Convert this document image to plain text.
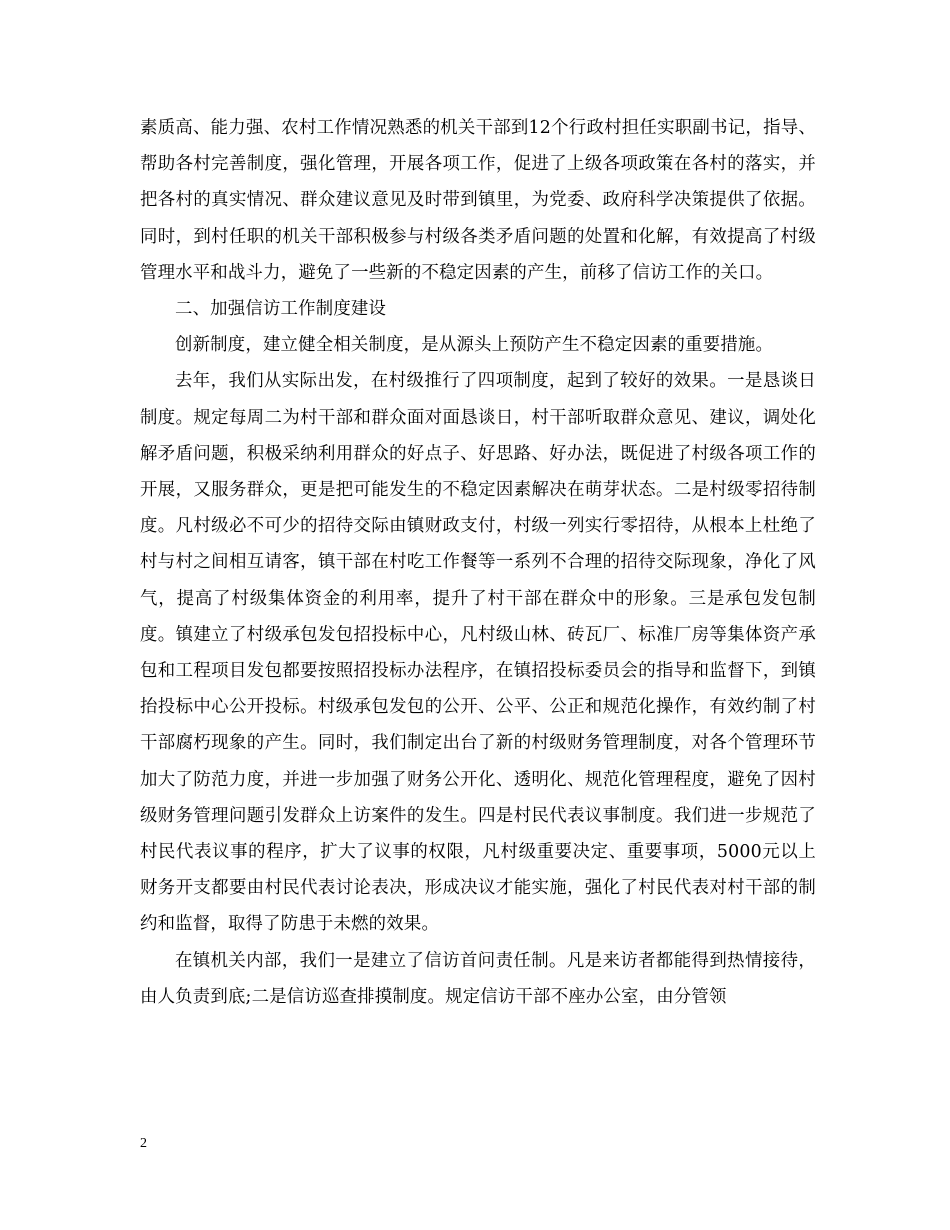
素质高、能力强、农村工作情况熟悉的机关干部到12个行政村担任实职副书记，指导、帮助各村完善制度，强化管理，开展各项工作，促进了上级各项政策在各村的落实，并把各村的真实情况、群众建议意见及时带到镇里，为党委、政府科学决策提供了依据。同时，到村任职的机关干部积极参与村级各类矛盾问题的处置和化解，有效提高了村级管理水平和战斗力，避免了一些新的不稳定因素的产生，前移了信访工作的关口。

二、加强信访工作制度建设

创新制度，建立健全相关制度，是从源头上预防产生不稳定因素的重要措施。

去年，我们从实际出发，在村级推行了四项制度，起到了较好的效果。一是恳谈日制度。规定每周二为村干部和群众面对面恳谈日，村干部听取群众意见、建议，调处化解矛盾问题，积极采纳利用群众的好点子、好思路、好办法，既促进了村级各项工作的开展，又服务群众，更是把可能发生的不稳定因素解决在萌芽状态。二是村级零招待制度。凡村级必不可少的招待交际由镇财政支付，村级一列实行零招待，从根本上杜绝了村与村之间相互请客，镇干部在村吃工作餐等一系列不合理的招待交际现象，净化了风气，提高了村级集体资金的利用率，提升了村干部在群众中的形象。三是承包发包制度。镇建立了村级承包发包招投标中心，凡村级山林、砖瓦厂、标准厂房等集体资产承包和工程项目发包都要按照招投标办法程序，在镇招投标委员会的指导和监督下，到镇抬投标中心公开投标。村级承包发包的公开、公平、公正和规范化操作，有效约制了村干部腐朽现象的产生。同时，我们制定出台了新的村级财务管理制度，对各个管理环节加大了防范力度，并进一步加强了财务公开化、透明化、规范化管理程度，避免了因村级财务管理问题引发群众上访案件的发生。四是村民代表议事制度。我们进一步规范了村民代表议事的程序，扩大了议事的权限，凡村级重要决定、重要事项，5000元以上财务开支都要由村民代表讨论表决，形成决议才能实施，强化了村民代表对村干部的制约和监督，取得了防患于未燃的效果。

在镇机关内部，我们一是建立了信访首问责任制。凡是来访者都能得到热情接待，由人负责到底;二是信访巡查排摸制度。规定信访干部不座办公室，由分管领

2
